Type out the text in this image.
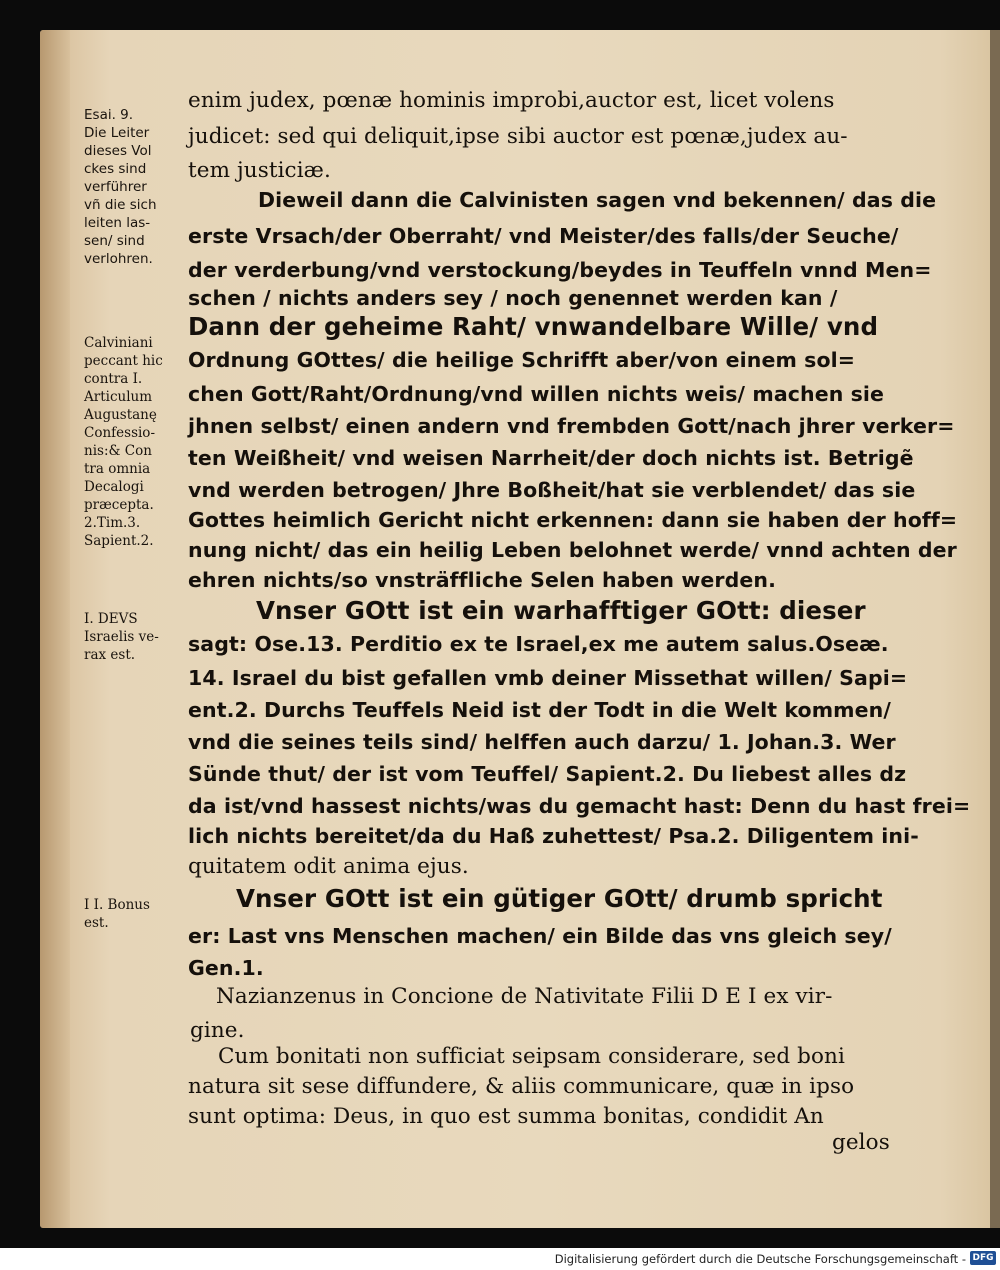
Esai. 9.
Die Leiter
dieses Vol
ckes sind
verführer
vñ die sich
leiten las-
sen/ sind
verlohren.
Calviniani
peccant hic
contra I.
Articulum
Augustanę
Confessio-
nis:& Con
tra omnia
Decalogi
præcepta.
2.Tim.3.
Sapient.2.
I. DEVS
Israelis ve-
rax est.
I I. Bonus
est.
enim judex, pœnæ hominis improbi,auctor est, licet volens
judicet: sed qui deliquit,ipse sibi auctor est pœnæ,judex au-
tem justiciæ.
Dieweil dann die Calvinisten sagen vnd bekennen/ das die
erste Vrsach/der Oberraht/ vnd Meister/des falls/der Seuche/
der verderbung/vnd verstockung/beydes in Teuffeln vnnd Men=
schen / nichts anders sey / noch genennet werden kan /
Dann der geheime Raht/ vnwandelbare Wille/ vnd
Ordnung GOttes/ die heilige Schrifft aber/von einem sol=
chen Gott/Raht/Ordnung/vnd willen nichts weis/ machen sie
jhnen selbst/ einen andern vnd frembden Gott/nach jhrer verker=
ten Weißheit/ vnd weisen Narrheit/der doch nichts ist. Betrigẽ
vnd werden betrogen/ Jhre Boßheit/hat sie verblendet/ das sie
Gottes heimlich Gericht nicht erkennen: dann sie haben der hoff=
nung nicht/ das ein heilig Leben belohnet werde/ vnnd achten der
ehren nichts/so vnsträffliche Selen haben werden.
Vnser GOtt ist ein warhafftiger GOtt: dieser
sagt: Ose.13. Perditio ex te Israel,ex me autem salus.Oseæ.
14. Israel du bist gefallen vmb deiner Missethat willen/ Sapi=
ent.2. Durchs Teuffels Neid ist der Todt in die Welt kommen/
vnd die seines teils sind/ helffen auch darzu/ 1. Johan.3. Wer
Sünde thut/ der ist vom Teuffel/ Sapient.2. Du liebest alles dz
da ist/vnd hassest nichts/was du gemacht hast: Denn du hast frei=
lich nichts bereitet/da du Haß zuhettest/ Psa.2. Diligentem ini-
quitatem odit anima ejus.
Vnser GOtt ist ein gütiger GOtt/ drumb spricht
er: Last vns Menschen machen/ ein Bilde das vns gleich sey/
Gen.1.
Nazianzenus in Concione de Nativitate Filii D E I ex vir-
gine.
Cum bonitati non sufficiat seipsam considerare, sed boni
natura sit sese diffundere, & aliis communicare, quæ in ipso
sunt optima: Deus, in quo est summa bonitas, condidit An
gelos
Digitalisierung gefördert durch die Deutsche Forschungsgemeinschaft - DFG
